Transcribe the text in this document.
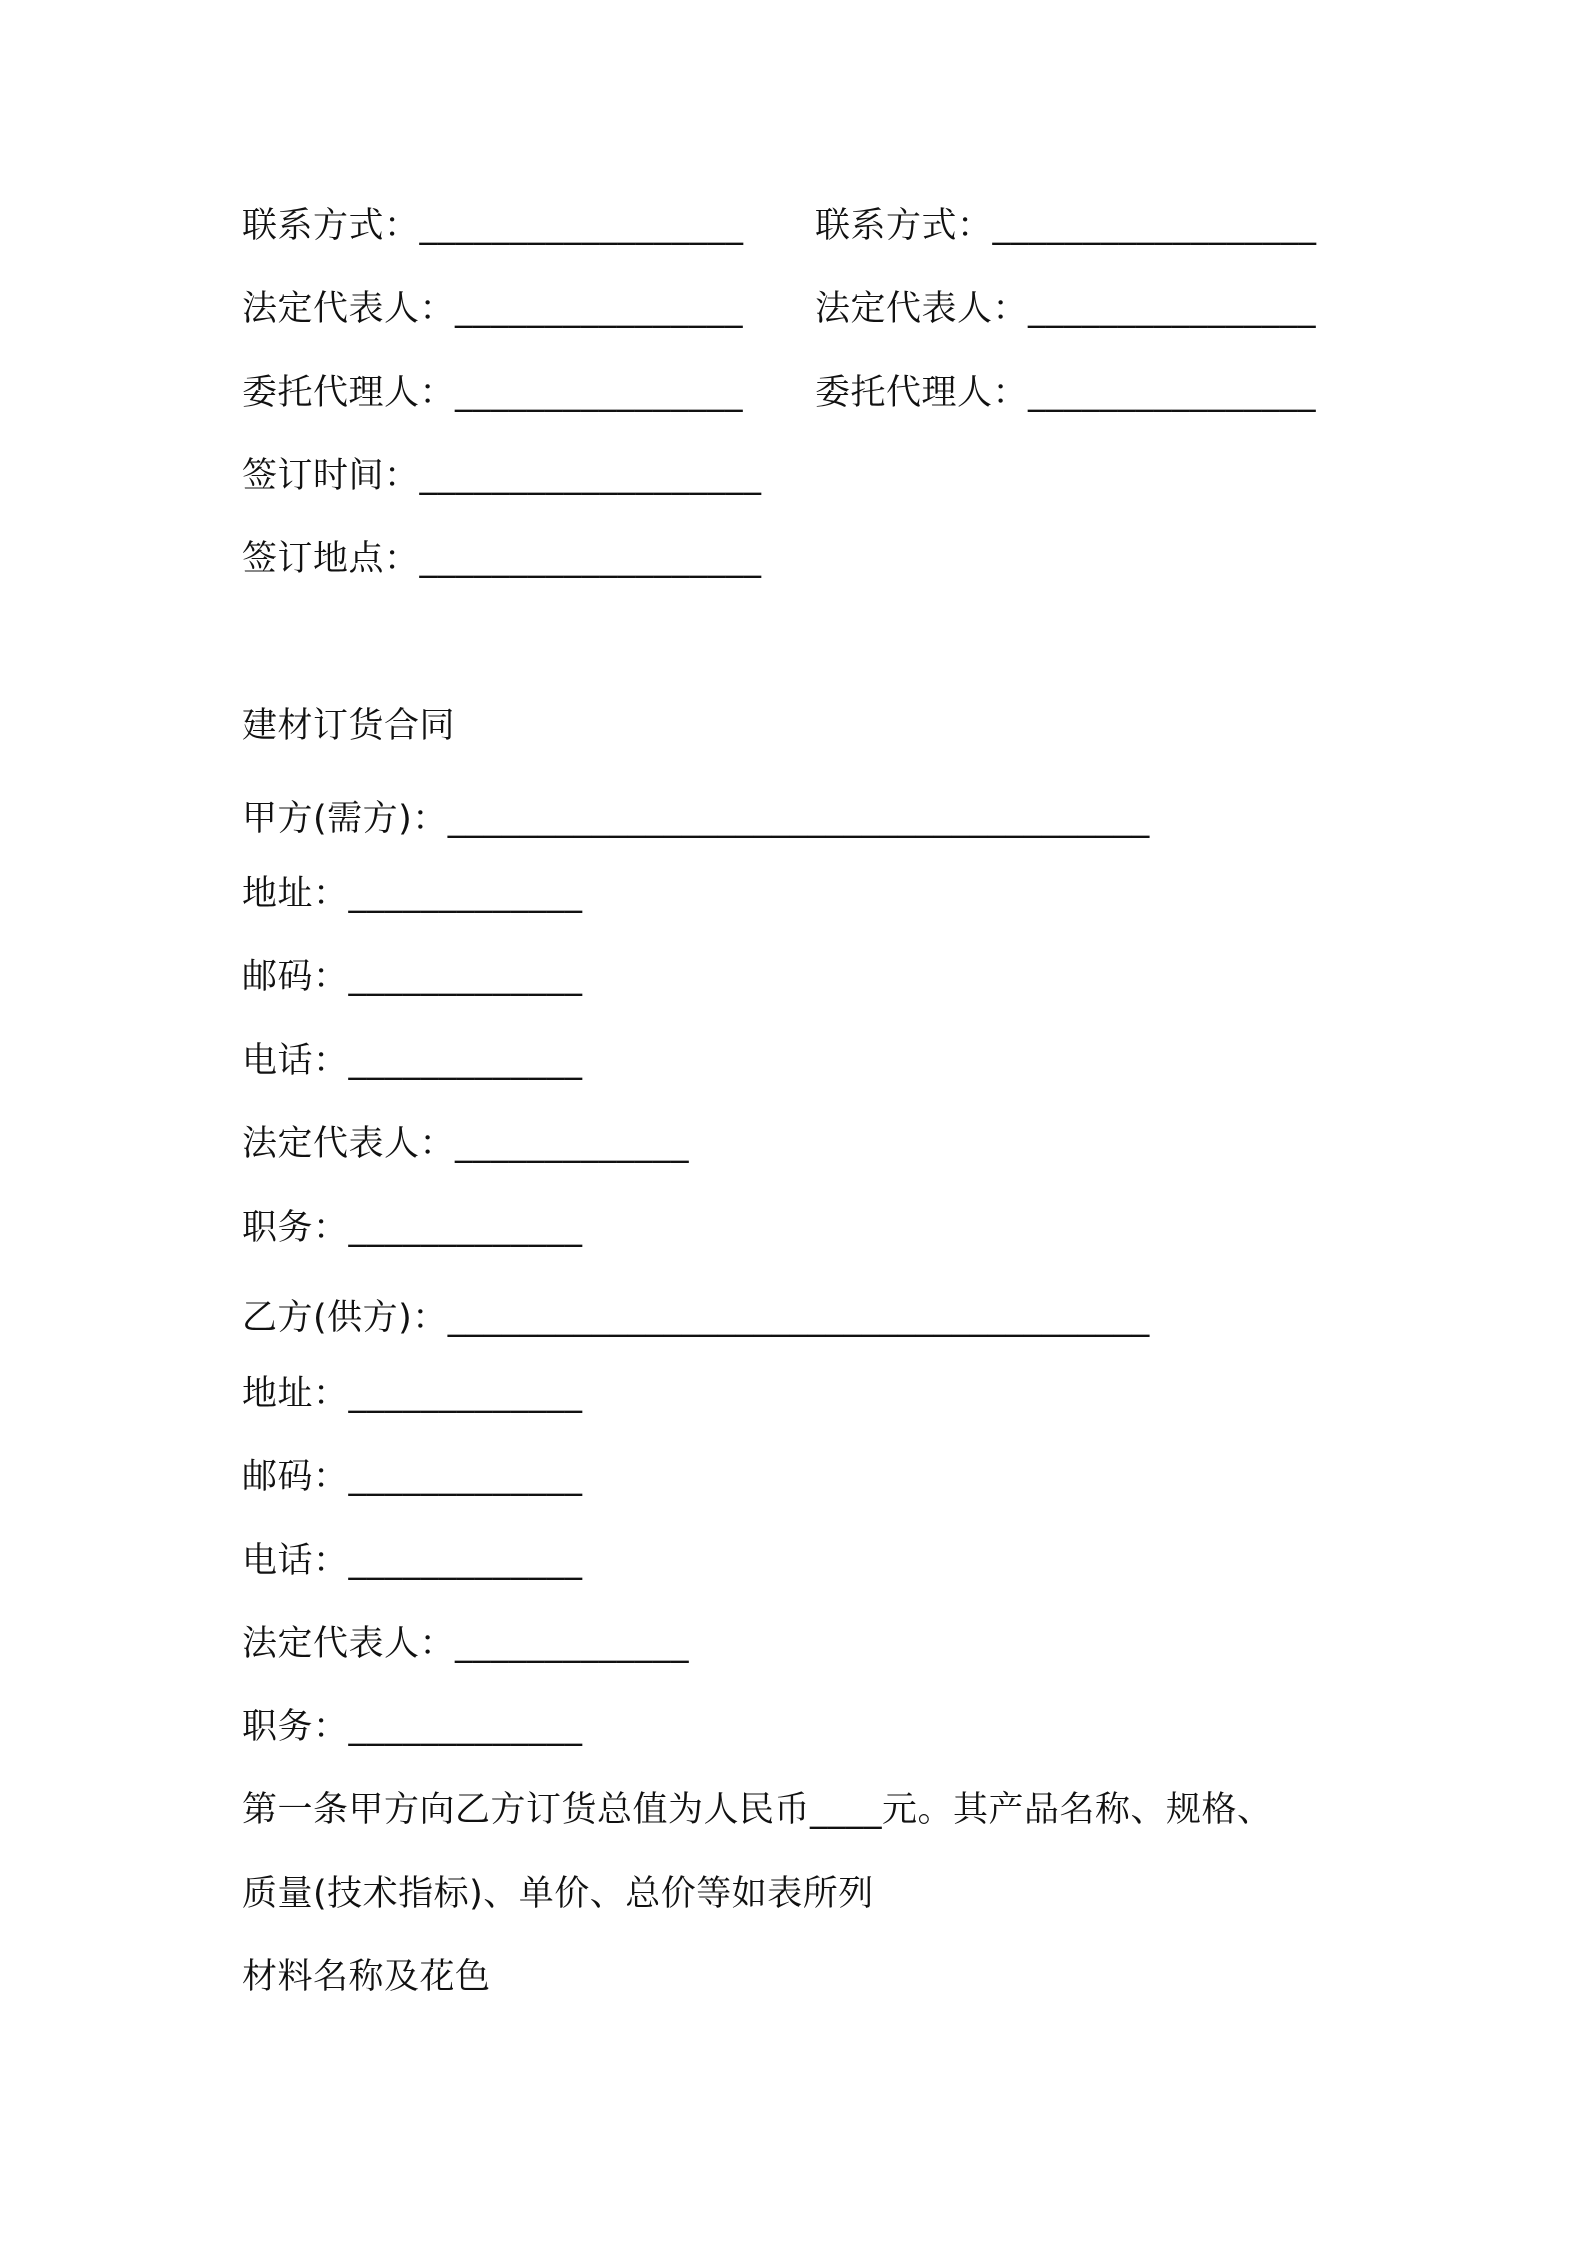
联系方式：__________________ 联系方式：__________________
法定代表人：________________ 法定代表人：________________
委托代理人：________________ 委托代理人：________________
签订时间：___________________
签订地点：___________________
建材订货合同
甲方(需方)：_______________________________________
地址：_____________
邮码：_____________
电话：_____________
法定代表人：_____________
职务：_____________
乙方(供方)：_______________________________________
地址：_____________
邮码：_____________
电话：_____________
法定代表人：_____________
职务：_____________
第一条甲方向乙方订货总值为人民币____元。其产品名称、规格、
质量(技术指标)、单价、总价等如表所列
材料名称及花色
